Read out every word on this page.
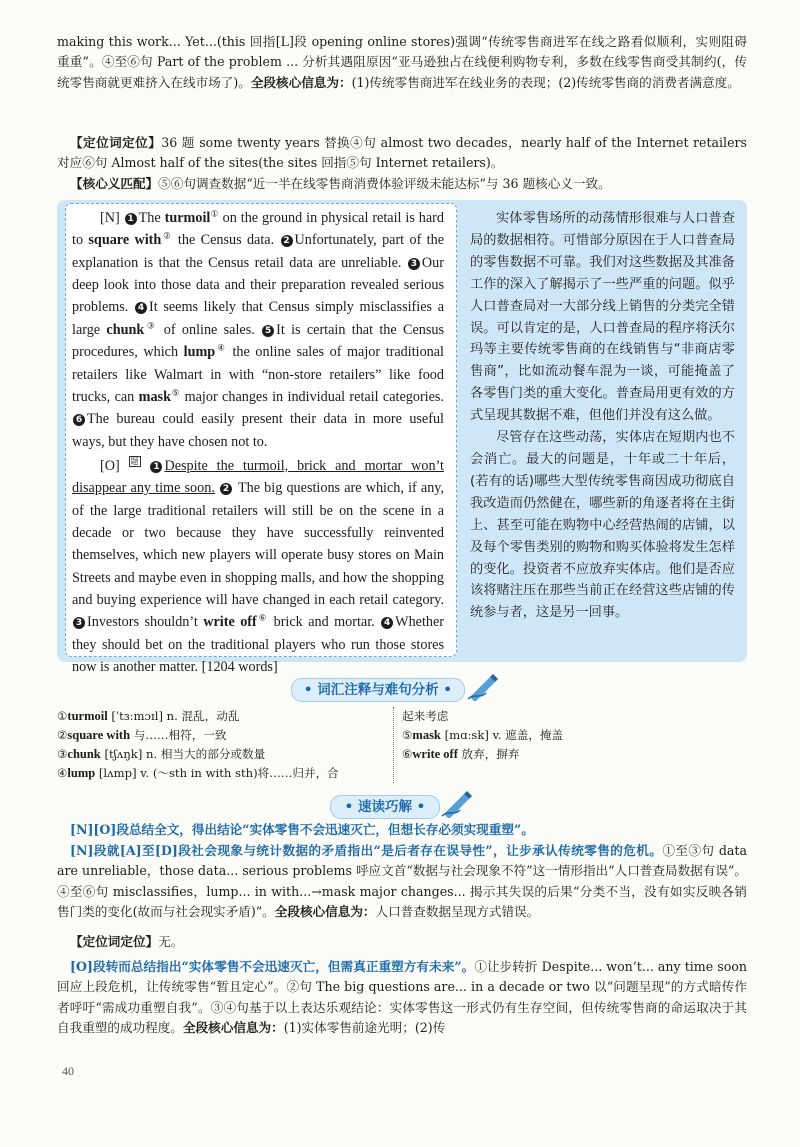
making this work... Yet...(this 回指[L]段 opening online stores)强调“传统零售商进军在线之路看似顺利，实则阻碍重重”。④至⑥句 Part of the problem ... 分析其遇阻原因“亚马逊独占在线便利购物专利，多数在线零售商受其制约(，传统零售商就更难挤入在线市场了)。全段核心信息为：(1)传统零售商进军在线业务的表现；(2)传统零售商的消费者满意度。

【定位词定位】36 题 some twenty years 替换④句 almost two decades，nearly half of the Internet retailers 对应⑥句 Almost half of the sites(the sites 回指⑤句 Internet retailers)。

【核心义匹配】⑤⑥句调查数据“近一半在线零售商消费体验评级未能达标”与 36 题核心义一致。

[N] 1 The turmoil① on the ground in physical retail is hard to square with② the Census data. 2 Unfortunately, part of the explanation is that the Census retail data are unreliable. 3 Our deep look into those data and their preparation revealed serious problems. 4 It seems likely that Census simply misclassifies a large chunk③ of online sales. 5 It is certain that the Census procedures, which lump④ the online sales of major traditional retailers like Walmart in with “non-store retailers” like food trucks, can mask⑤ major changes in individual retail categories. 6 The bureau could easily present their data in more useful ways, but they have chosen not to.

[O] 题 1 Despite the turmoil, brick and mortar won’t disappear any time soon. 2 The big questions are which, if any, of the large traditional retailers will still be on the scene in a decade or two because they have successfully reinvented themselves, which new players will operate busy stores on Main Streets and maybe even in shopping malls, and how the shopping and buying experience will have changed in each retail category. 3 Investors shouldn’t write off⑥ brick and mortar. 4 Whether they should bet on the traditional players who run those stores now is another matter. [1204 words]

实体零售场所的动荡情形很难与人口普查局的数据相符。可惜部分原因在于人口普查局的零售数据不可靠。我们对这些数据及其准备工作的深入了解揭示了一些严重的问题。似乎人口普查局对一大部分线上销售的分类完全错误。可以肯定的是，人口普查局的程序将沃尔玛等主要传统零售商的在线销售与“非商店零售商”，比如流动餐车混为一谈，可能掩盖了各零售门类的重大变化。普查局用更有效的方式呈现其数据不难，但他们并没有这么做。

尽管存在这些动荡，实体店在短期内也不会消亡。最大的问题是，十年或二十年后，(若有的话)哪些大型传统零售商因成功彻底自我改造而仍然健在，哪些新的角逐者将在主街上、甚至可能在购物中心经营热闹的店铺，以及每个零售类别的购物和购买体验将发生怎样的变化。投资者不应放弃实体店。他们是否应该将赌注压在那些当前正在经营这些店铺的传统参与者，这是另一回事。

• 词汇注释与难句分析 •
①turmoil [ˈtɜːmɔɪl] n. 混乱，动乱
②square with 与……相符，一致
③chunk [tʃʌŋk] n. 相当大的部分或数量
④lump [lʌmp] v. (～sth in with sth)将……归并，合
起来考虑
⑤mask [mɑːsk] v. 遮盖，掩盖
⑥write off 放弃，摒弃
• 速读巧解 •

[N][O]段总结全文，得出结论“实体零售不会迅速灭亡，但想长存必须实现重塑”。

[N]段就[A]至[D]段社会现象与统计数据的矛盾指出“是后者存在误导性”，让步承认传统零售的危机。①至③句 data are unreliable，those data... serious problems 呼应文首“数据与社会现象不符”这一情形指出“人口普查局数据有误”。④至⑥句 misclassifies，lump... in with...→mask major changes... 揭示其失误的后果“分类不当，没有如实反映各销售门类的变化(故而与社会现实矛盾)”。全段核心信息为：人口普查数据呈现方式错误。

【定位词定位】无。

[O]段转而总结指出“实体零售不会迅速灭亡，但需真正重塑方有未来”。①让步转折 Despite... won’t... any time soon 回应上段危机，让传统零售“暂且定心”。②句 The big questions are... in a decade or two 以“问题呈现”的方式暗传作者呼吁“需成功重塑自我”。③④句基于以上表达乐观结论：实体零售这一形式仍有生存空间，但传统零售商的命运取决于其自我重塑的成功程度。全段核心信息为：(1)实体零售前途光明；(2)传

40
